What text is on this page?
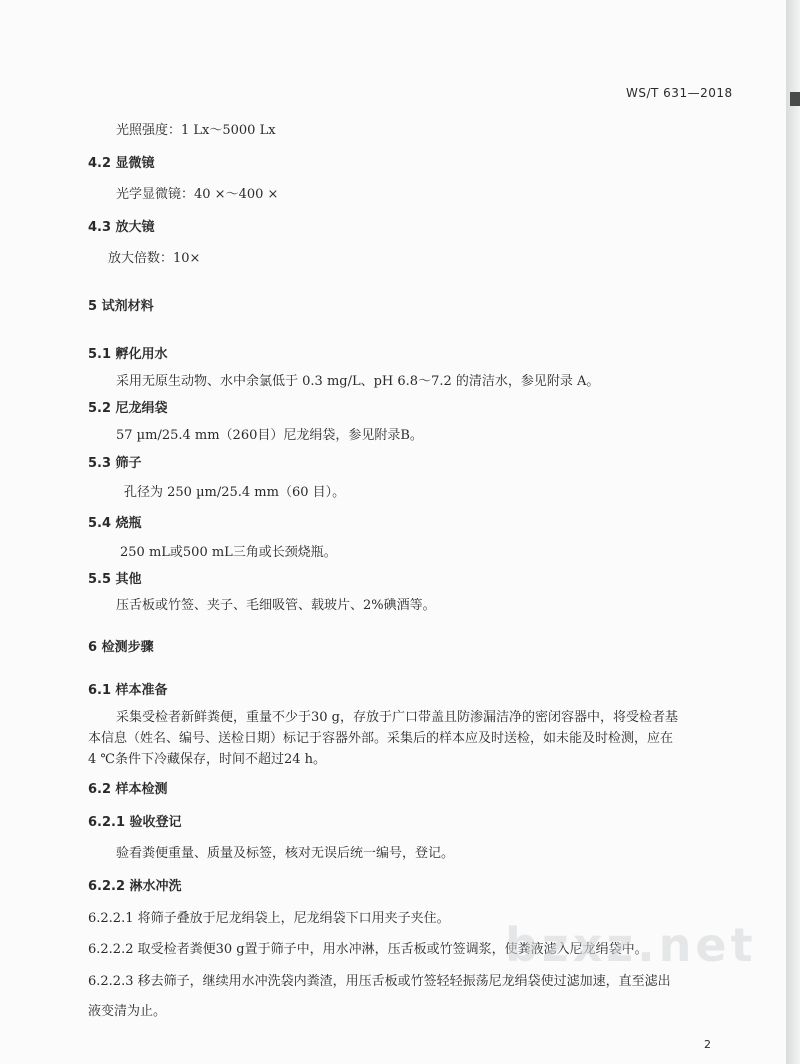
WS/T 631—2018
光照强度：1 Lx～5000 Lx
4.2 显微镜
光学显微镜：40 ×～400 ×
4.3 放大镜
放大倍数：10×
5 试剂材料
5.1 孵化用水
采用无原生动物、水中余氯低于 0.3 mg/L、pH 6.8～7.2 的清洁水，参见附录 A。
5.2 尼龙绢袋
57 µm/25.4 mm（260目）尼龙绢袋，参见附录B。
5.3 筛子
孔径为 250 µm/25.4 mm（60 目）。
5.4 烧瓶
250 mL或500 mL三角或长颈烧瓶。
5.5 其他
压舌板或竹签、夹子、毛细吸管、载玻片、2%碘酒等。
6 检测步骤
6.1 样本准备
采集受检者新鲜粪便，重量不少于30 g，存放于广口带盖且防渗漏洁净的密闭容器中，将受检者基
本信息（姓名、编号、送检日期）标记于容器外部。采集后的样本应及时送检，如未能及时检测，应在
4 ℃条件下冷藏保存，时间不超过24 h。
6.2 样本检测
6.2.1 验收登记
验看粪便重量、质量及标签，核对无误后统一编号，登记。
6.2.2 淋水冲洗
6.2.2.1 将筛子叠放于尼龙绢袋上，尼龙绢袋下口用夹子夹住。
6.2.2.2 取受检者粪便30 g置于筛子中，用水冲淋，压舌板或竹签调浆，使粪液滤入尼龙绢袋中。
6.2.2.3 移去筛子，继续用水冲洗袋内粪渣，用压舌板或竹签轻轻振荡尼龙绢袋使过滤加速，直至滤出
液变清为止。
bzxz.net
2
